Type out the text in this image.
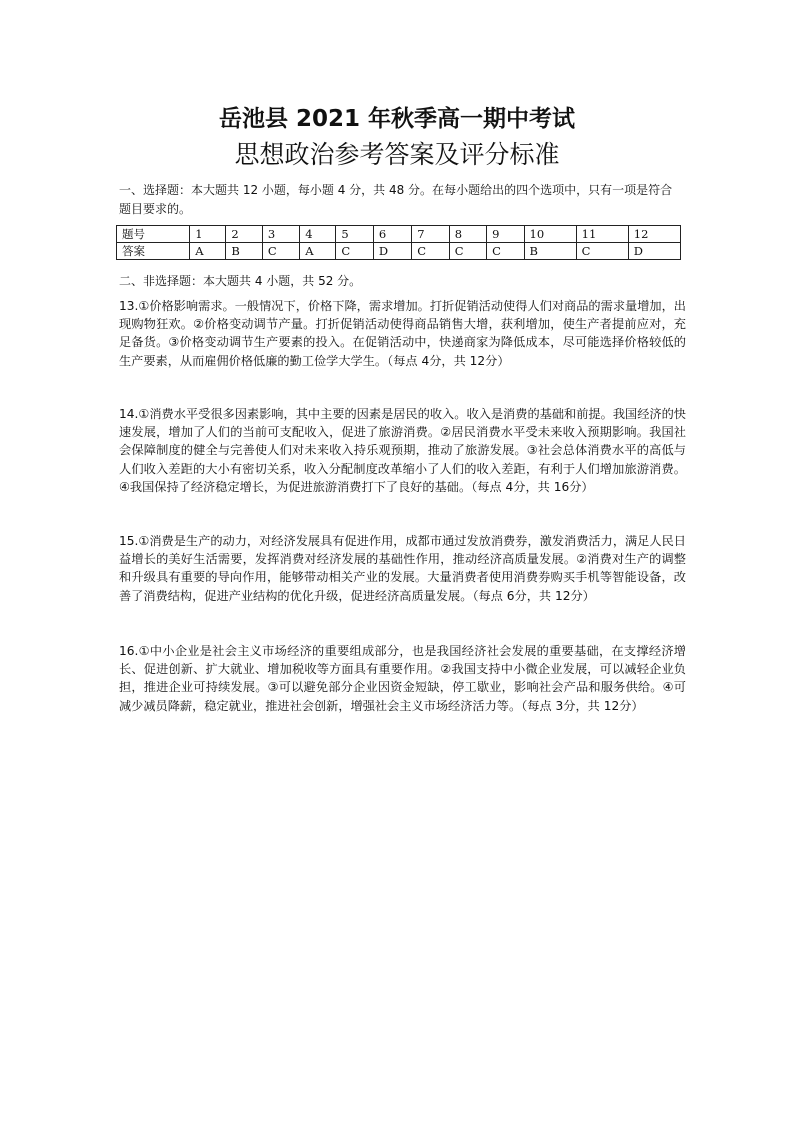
岳池县 2021 年秋季高一期中考试
思想政治参考答案及评分标准
一、选择题：本大题共 12 小题，每小题 4 分，共 48 分。在每小题给出的四个选项中，只有一项是符合题目要求的。
题号	1	2	3	4	5	6	7	8	9	10	11	12
答案	A	B	C	A	C	D	C	C	C	B	C	D
二、非选择题：本大题共 4 小题，共 52 分。
13.①价格影响需求。一般情况下，价格下降，需求增加。打折促销活动使得人们对商品的需求量增加，出现购物狂欢。②价格变动调节产量。打折促销活动使得商品销售大增，获利增加，使生产者提前应对，充足备货。③价格变动调节生产要素的投入。在促销活动中，快递商家为降低成本，尽可能选择价格较低的生产要素，从而雇佣价格低廉的勤工俭学大学生。（每点 4分，共 12分）
14.①消费水平受很多因素影响，其中主要的因素是居民的收入。收入是消费的基础和前提。我国经济的快速发展，增加了人们的当前可支配收入，促进了旅游消费。②居民消费水平受未来收入预期影响。我国社会保障制度的健全与完善使人们对未来收入持乐观预期，推动了旅游发展。③社会总体消费水平的高低与人们收入差距的大小有密切关系，收入分配制度改革缩小了人们的收入差距，有利于人们增加旅游消费。④我国保持了经济稳定增长，为促进旅游消费打下了良好的基础。（每点 4分，共 16分）
15.①消费是生产的动力，对经济发展具有促进作用，成都市通过发放消费券，激发消费活力，满足人民日益增长的美好生活需要，发挥消费对经济发展的基础性作用，推动经济高质量发展。②消费对生产的调整和升级具有重要的导向作用，能够带动相关产业的发展。大量消费者使用消费券购买手机等智能设备，改善了消费结构，促进产业结构的优化升级，促进经济高质量发展。（每点 6分，共 12分）
16.①中小企业是社会主义市场经济的重要组成部分，也是我国经济社会发展的重要基础，在支撑经济增长、促进创新、扩大就业、增加税收等方面具有重要作用。②我国支持中小微企业发展，可以减轻企业负担，推进企业可持续发展。③可以避免部分企业因资金短缺，停工歇业，影响社会产品和服务供给。④可减少减员降薪，稳定就业，推进社会创新，增强社会主义市场经济活力等。（每点 3分，共 12分）
